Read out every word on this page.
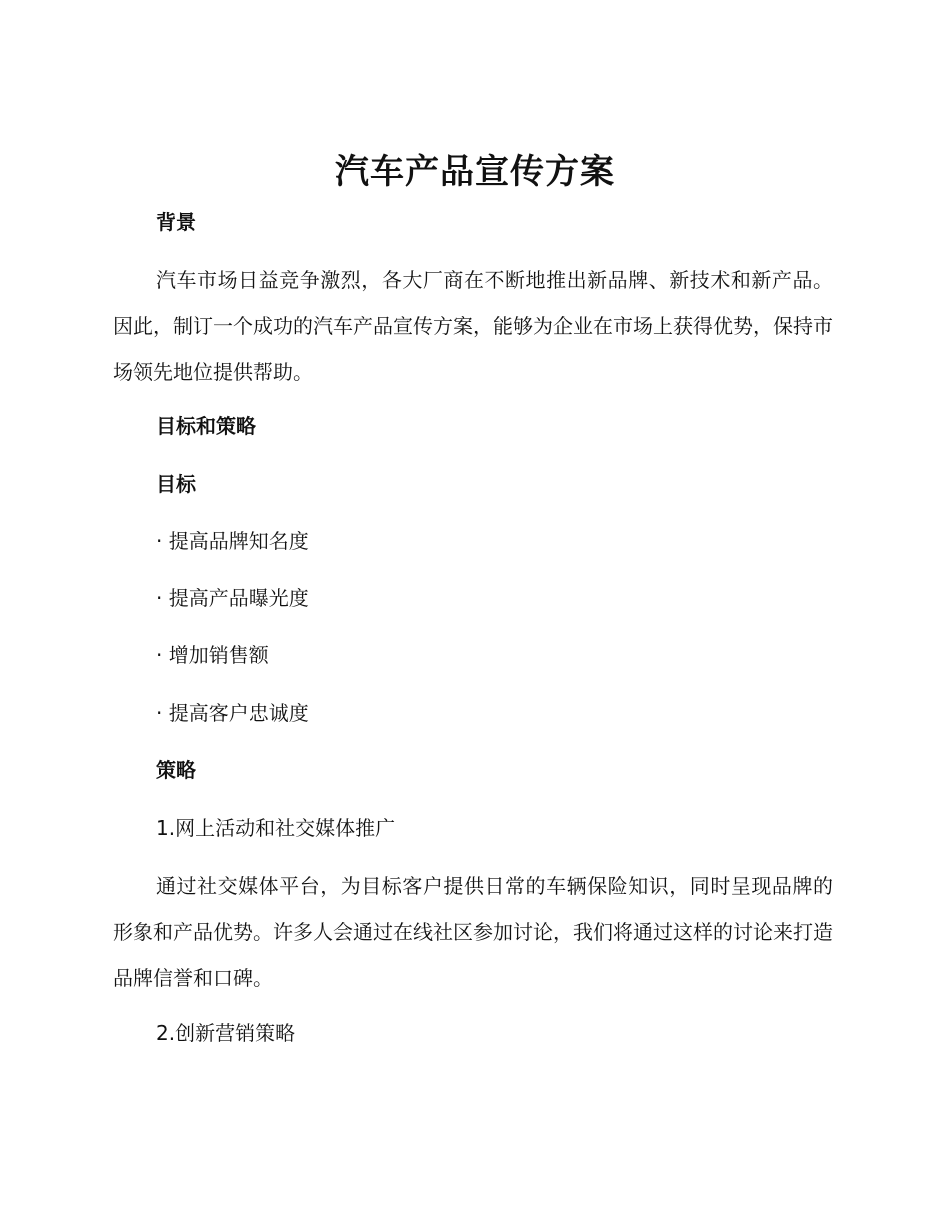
汽车产品宣传方案
背景
汽车市场日益竞争激烈，各大厂商在不断地推出新品牌、新技术和新产品。因此，制订一个成功的汽车产品宣传方案，能够为企业在市场上获得优势，保持市场领先地位提供帮助。
目标和策略
目标
· 提高品牌知名度
· 提高产品曝光度
· 增加销售额
· 提高客户忠诚度
策略
1.网上活动和社交媒体推广
通过社交媒体平台，为目标客户提供日常的车辆保险知识，同时呈现品牌的形象和产品优势。许多人会通过在线社区参加讨论，我们将通过这样的讨论来打造品牌信誉和口碑。
2.创新营销策略
